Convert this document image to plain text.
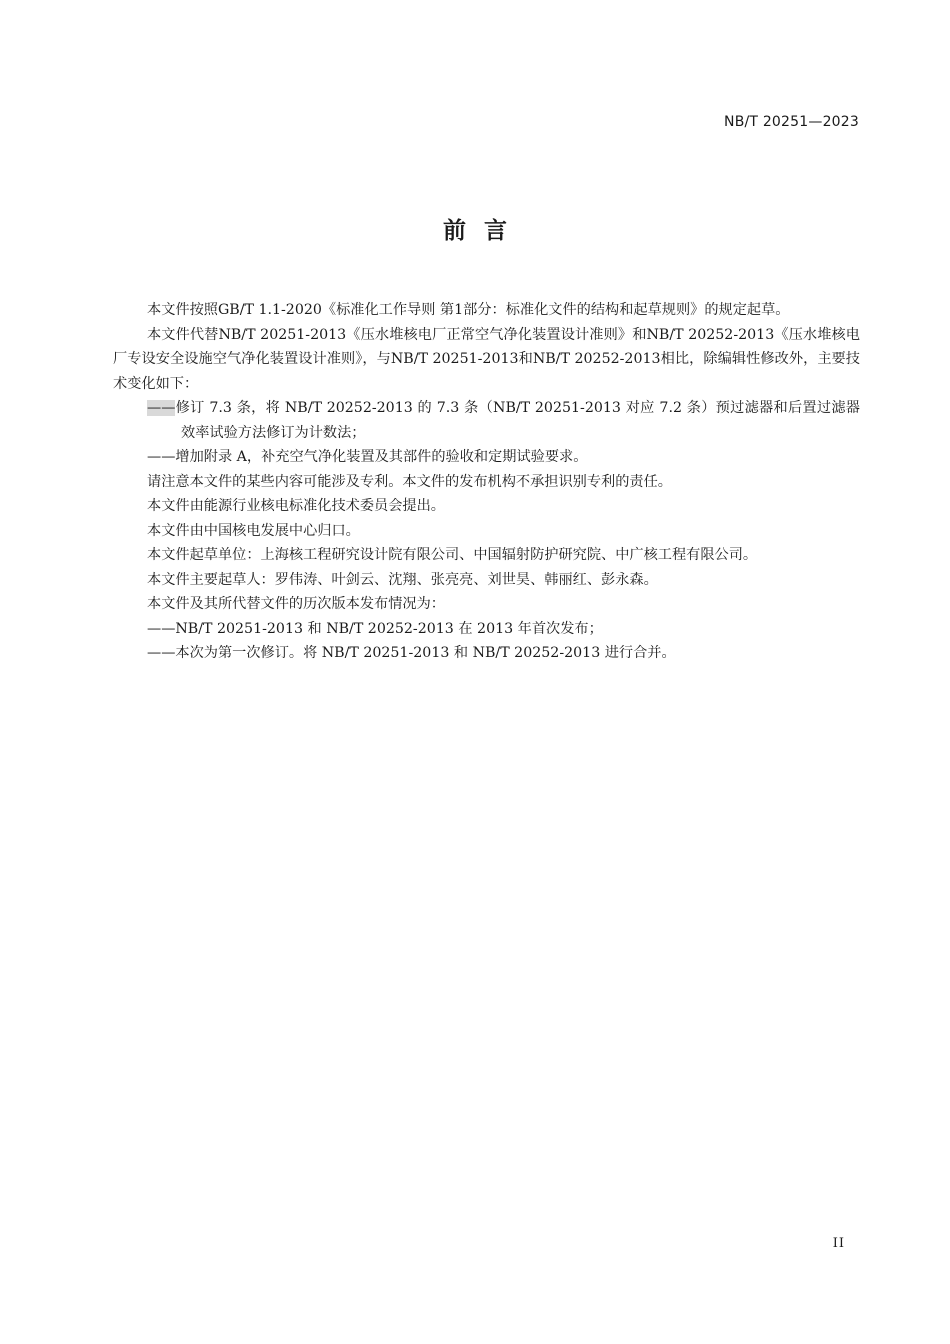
NB/T 20251—2023
前言

本文件按照GB/T 1.1-2020《标准化工作导则 第1部分：标准化文件的结构和起草规则》的规定起草。

本文件代替NB/T 20251-2013《压水堆核电厂正常空气净化装置设计准则》和NB/T 20252-2013《压水堆核电厂专设安全设施空气净化装置设计准则》，与NB/T 20251-2013和NB/T 20252-2013相比，除编辑性修改外，主要技术变化如下：

——修订 7.3 条，将 NB/T 20252-2013 的 7.3 条（NB/T 20251-2013 对应 7.2 条）预过滤器和后置过滤器效率试验方法修订为计数法；

——增加附录 A，补充空气净化装置及其部件的验收和定期试验要求。

请注意本文件的某些内容可能涉及专利。本文件的发布机构不承担识别专利的责任。

本文件由能源行业核电标准化技术委员会提出。

本文件由中国核电发展中心归口。

本文件起草单位：上海核工程研究设计院有限公司、中国辐射防护研究院、中广核工程有限公司。

本文件主要起草人：罗伟涛、叶剑云、沈翔、张亮亮、刘世昊、韩丽红、彭永森。

本文件及其所代替文件的历次版本发布情况为：

——NB/T 20251-2013 和 NB/T 20252-2013 在 2013 年首次发布；

——本次为第一次修订。将 NB/T 20251-2013 和 NB/T 20252-2013 进行合并。

II
